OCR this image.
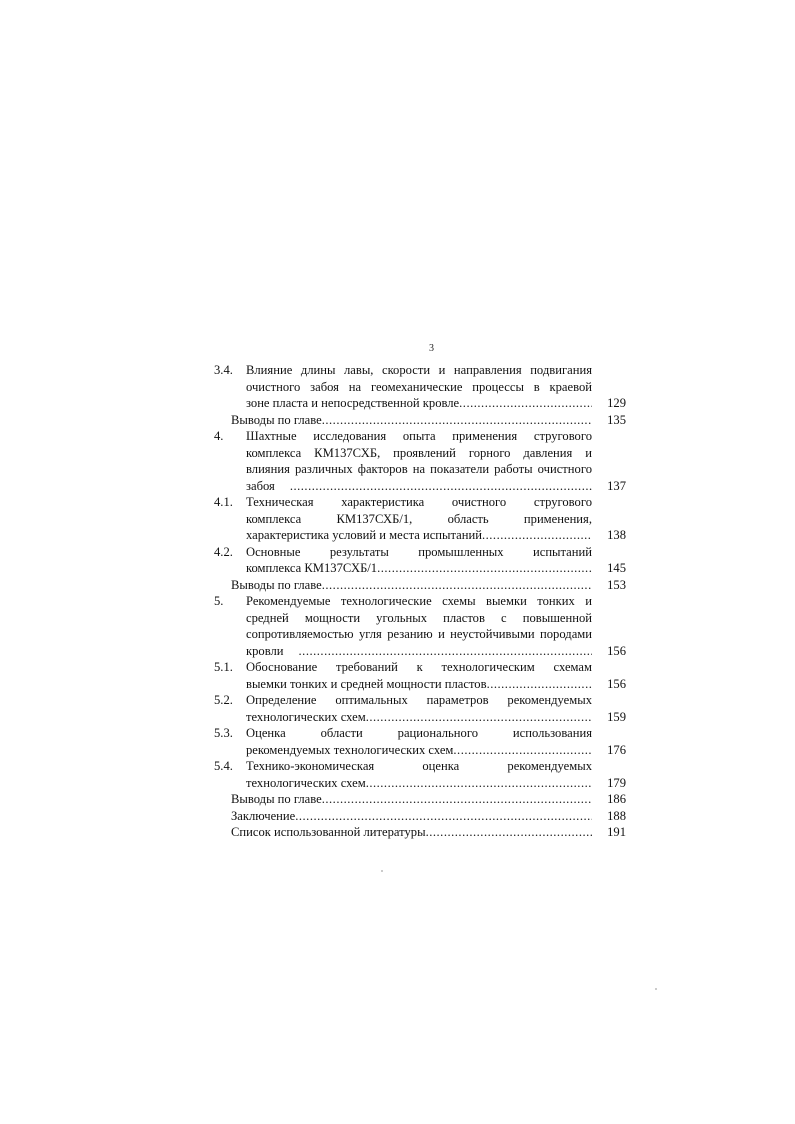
3
3.4. Влияние длины лавы, скорости и направления подвигания
очистного забоя на геомеханические процессы в краевой
зоне пласта и непосредственной кровле .....	129
Выводы по главе .....	135
4.	Шахтные исследования опыта применения стругового
комплекса КМ137СХБ, проявлений горного давления и
влияния различных факторов на показатели работы очистного
забоя .....	137
4.1. Техническая характеристика очистного стругового
комплекса КМ137СХБ/1, область применения,
характеристика условий и места испытаний .....	138
4.2. Основные результаты промышленных испытаний
комплекса КМ137СХБ/1 .....	145
Выводы по главе .....	153
5.	Рекомендуемые технологические схемы выемки тонких и
средней мощности угольных пластов с повышенной
сопротивляемостью угля резанию и неустойчивыми породами
кровли .....	156
5.1. Обоснование требований к технологическим схемам
выемки тонких и средней мощности пластов .....	156
5.2. Определение оптимальных параметров рекомендуемых
технологических схем .....	159
5.3. Оценка области рационального использования
рекомендуемых технологических схем .....	176
5.4. Технико-экономическая оценка рекомендуемых
технологических схем .....	179
Выводы по главе .....	186
Заключение .....	188
Список использованной литературы .....	191
